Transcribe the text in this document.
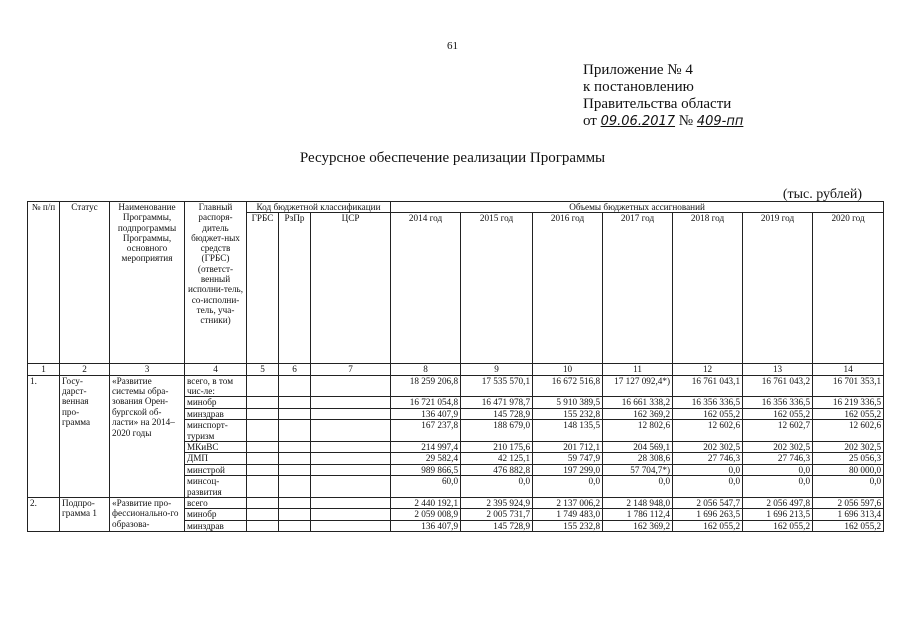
61
Приложение № 4
к постановлению
Правительства области
от 09.06.2017 № 409-пп
Ресурсное обеспечение реализации Программы
(тыс. рублей)
№ п/п	Статус	Наименование Программы, подпрограммы Программы, основного мероприятия	Главный распоря-дитель бюджет-ных средств (ГРБС) (ответст-венный исполни-тель, со-исполни-тель, уча-стники)	Код бюджетной классификации			Объемы бюджетных ассигнований						
				ГРБС	РзПр	ЦСР	2014 год	2015 год	2016 год	2017 год	2018 год	2019 год	2020 год

1	2	3	4	5	6	7	8	9	10	11	12	13	14
1.	Госу-дарст-венная про-грамма	«Развитие системы обра-зования Орен-бургской об-ласти» на 2014–2020 годы	всего, в том чис-ле:				18 259 206,8	17 535 570,1	16 672 516,8	17 127 092,4*)	16 761 043,1	16 761 043,2	16 701 353,1
			минобр				16 721 054,8	16 471 978,7	5 910 389,5	16 661 338,2	16 356 336,5	16 356 336,5	16 219 336,5
			минздрав				136 407,9	145 728,9	155 232,8	162 369,2	162 055,2	162 055,2	162 055,2
			минспорт-туризм				167 237,8	188 679,0	148 135,5	12 802,6	12 602,6	12 602,7	12 602,6
			МКиВС				214 997,4	210 175,6	201 712,1	204 569,1	202 302,5	202 302,5	202 302,5
			ДМП				29 582,4	42 125,1	59 747,9	28 308,6	27 746,3	27 746,3	25 056,3
			минстрой				989 866,5	476 882,8	197 299,0	57 704,7*)	0,0	0,0	80 000,0
			минсоц-развития				60,0	0,0	0,0	0,0	0,0	0,0	0,0
2.	Подпро-грамма 1	«Развитие про-фессионально-го образова-	всего				2 440 192,1	2 395 924,9	2 137 006,2	2 148 948,0	2 056 547,7	2 056 497,8	2 056 597,6
			минобр				2 059 008,9	2 005 731,7	1 749 483,0	1 786 112,4	1 696 263,5	1 696 213,5	1 696 313,4
			минздрав				136 407,9	145 728,9	155 232,8	162 369,2	162 055,2	162 055,2	162 055,2
